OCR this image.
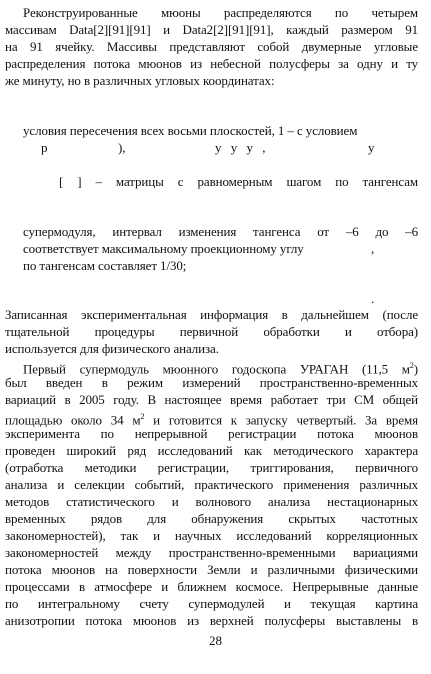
Реконструированные мюоны распределяются по четырем
массивам Data[2][91][91] и Data2[2][91][91], каждый размером 91
на 91 ячейку. Массивы представляют собой двумерные угловые
распределения потока мюонов из небесной полусферы за одну и ту
же минуту, но в различных угловых координатах:
условия пересечения всех восьми плоскостей, 1 – с условием
р	),	у у у ,	у
[ ] – матрицы с равномерным шагом по тангенсам
супермодуля, интервал изменения тангенса от –6 до –6
соответствует максимальному проекционному углу	,
по тангенсам составляет 1/30;
.
Записанная экспериментальная информация в дальнейшем (после
тщательной процедуры первичной обработки и отбора)
используется для физического анализа.
Первый супермодуль мюонного годоскопа УРАГАН (11,5 $м^2$)
был введен в режим измерений пространственно-временных
вариаций в 2005 году. В настоящее время работает три СМ общей
площадью около 34 $м^2$ и готовится к запуску четвертый. За время
эксперимента по непрерывной регистрации потока мюонов
проведен широкий ряд исследований как методического характера
(отработка методики регистрации, триггирования, первичного
анализа и селекции событий, практического применения различных
методов статистического и волнового анализа нестационарных
временных рядов для обнаружения скрытых частотных
закономерностей), так и научных исследований корреляционных
закономерностей между пространственно-временными вариациями
потока мюонов на поверхности Земли и различными физическими
процессами в атмосфере и ближнем космосе. Непрерывные данные
по интегральному счету супермодулей и текущая картина
анизотропии потока мюонов из верхней полусферы выставлены в
28
